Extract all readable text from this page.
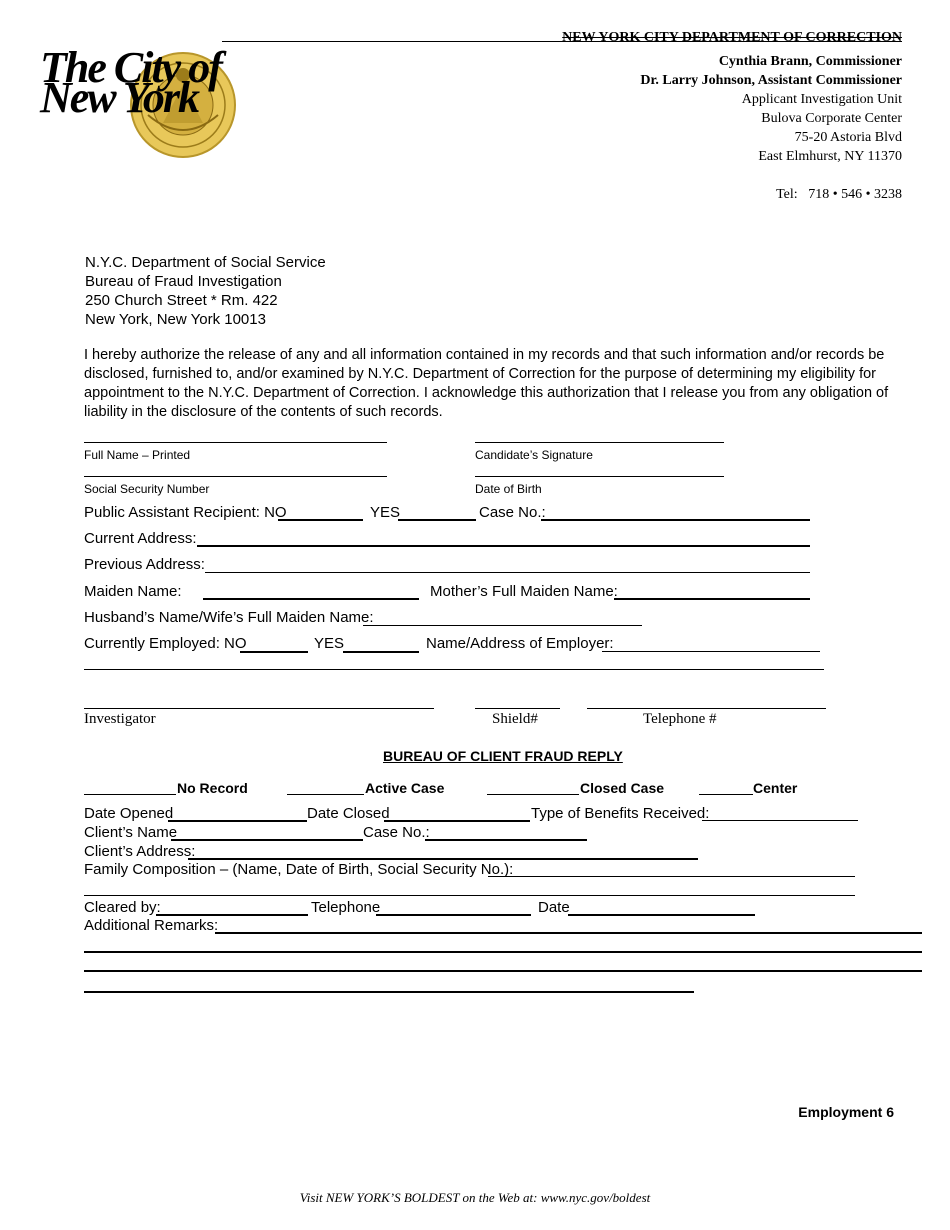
NEW YORK CITY DEPARTMENT OF CORRECTION
Cynthia Brann, Commissioner
Dr. Larry Johnson, Assistant Commissioner
Applicant Investigation Unit
Bulova Corporate Center
75-20 Astoria Blvd
East Elmhurst, NY 11370
Tel: 718 • 546 • 3238
The City of New York
N.Y.C. Department of Social Service
Bureau of Fraud Investigation
250 Church Street * Rm. 422
New York, New York 10013
I hereby authorize the release of any and all information contained in my records and that such information and/or records be
disclosed, furnished to, and/or examined by N.Y.C. Department of Correction for the purpose of determining my eligibility for
appointment to the N.Y.C. Department of Correction. I acknowledge this authorization that I release you from any obligation of
liability in the disclosure of the contents of such records.
Full Name – Printed	Candidate’s Signature
Social Security Number	Date of Birth
Public Assistant Recipient: NO	YES	Case No.:
Current Address:
Previous Address:
Maiden Name:	Mother’s Full Maiden Name:
Husband’s Name/Wife’s Full Maiden Name:
Currently Employed: NO	YES	Name/Address of Employer:
Investigator	Shield#	Telephone #
BUREAU OF CLIENT FRAUD REPLY
No Record	Active Case	Closed Case	Center
Date Opened	Date Closed	Type of Benefits Received:
Client’s Name	Case No.:
Client’s Address:
Family Composition – (Name, Date of Birth, Social Security No.):
Cleared by:	Telephone	Date
Additional Remarks:
Employment 6
Visit NEW YORK’S BOLDEST on the Web at: www.nyc.gov/boldest
